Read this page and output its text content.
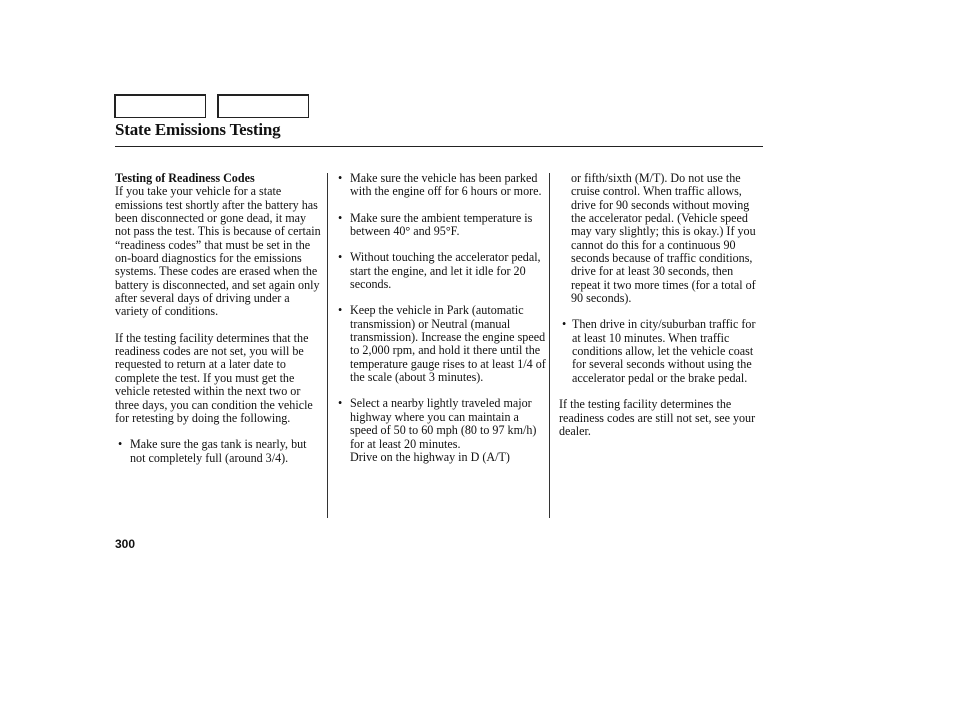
State Emissions Testing

Testing of Readiness Codes

If you take your vehicle for a state emissions test shortly after the battery has been disconnected or gone dead, it may not pass the test. This is because of certain “readiness codes” that must be set in the on-board diagnostics for the emissions systems. These codes are erased when the battery is disconnected, and set again only after several days of driving under a variety of conditions.

If the testing facility determines that the readiness codes are not set, you will be requested to return at a later date to complete the test. If you must get the vehicle retested within the next two or three days, you can condition the vehicle for retesting by doing the following.

• Make sure the gas tank is nearly, but not completely full (around 3/4).
• Make sure the vehicle has been parked with the engine off for 6 hours or more.
• Make sure the ambient temperature is between 40° and 95°F.
• Without touching the accelerator pedal, start the engine, and let it idle for 20 seconds.
• Keep the vehicle in Park (automatic transmission) or Neutral (manual transmission). Increase the engine speed to 2,000 rpm, and hold it there until the temperature gauge rises to at least 1/4 of the scale (about 3 minutes).
• Select a nearby lightly traveled major highway where you can maintain a speed of 50 to 60 mph (80 to 97 km/h) for at least 20 minutes.

Drive on the highway in D (A/T)

or fifth/sixth (M/T). Do not use the cruise control. When traffic allows, drive for 90 seconds without moving the accelerator pedal. (Vehicle speed may vary slightly; this is okay.) If you cannot do this for a continuous 90 seconds because of traffic conditions, drive for at least 30 seconds, then repeat it two more times (for a total of 90 seconds).

• Then drive in city/suburban traffic for at least 10 minutes. When traffic conditions allow, let the vehicle coast for several seconds without using the accelerator pedal or the brake pedal.

If the testing facility determines the readiness codes are still not set, see your dealer.

300
